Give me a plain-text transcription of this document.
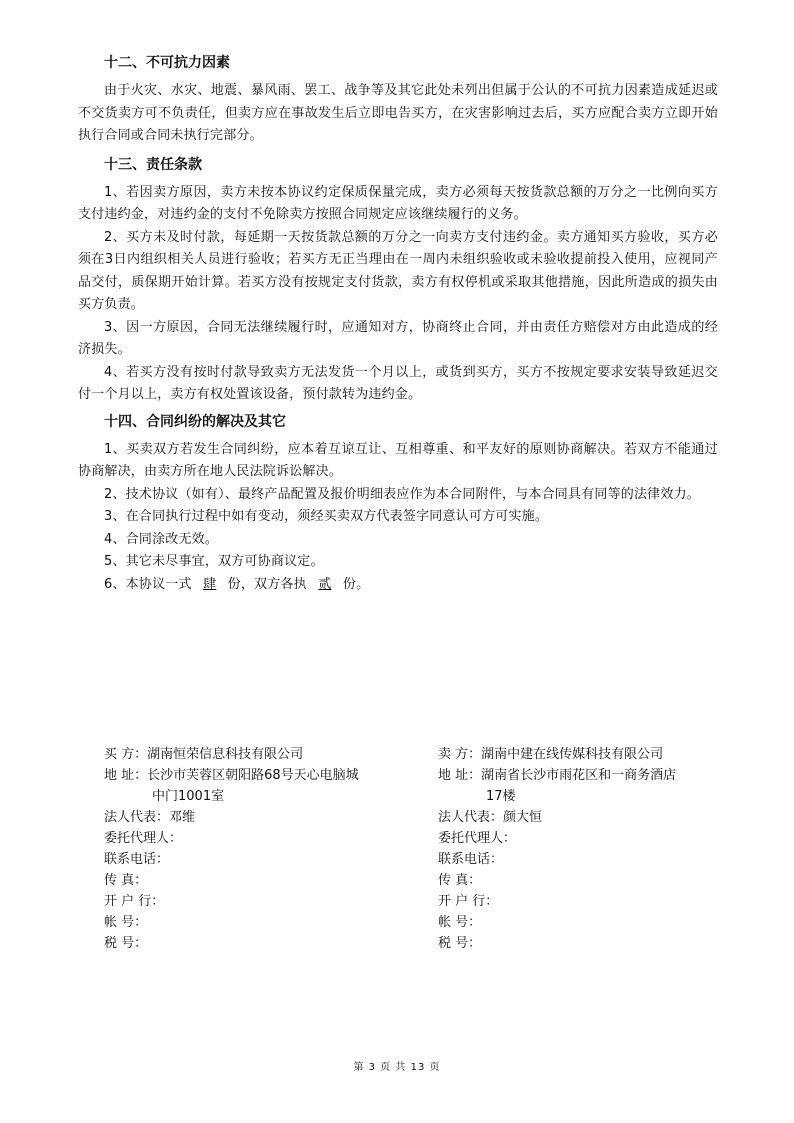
十二、不可抗力因素

由于火灾、水灾、地震、暴风雨、罢工、战争等及其它此处未列出但属于公认的不可抗力因素造成延迟或不交货卖方可不负责任，但卖方应在事故发生后立即电告买方，在灾害影响过去后，买方应配合卖方立即开始执行合同或合同未执行完部分。

十三、责任条款

1、若因卖方原因，卖方未按本协议约定保质保量完成，卖方必须每天按货款总额的万分之一比例向买方支付违约金，对违约金的支付不免除卖方按照合同规定应该继续履行的义务。

2、买方未及时付款，每延期一天按货款总额的万分之一向卖方支付违约金。卖方通知买方验收，买方必须在3日内组织相关人员进行验收；若买方无正当理由在一周内未组织验收或未验收提前投入使用，应视同产品交付，质保期开始计算。若买方没有按规定支付货款，卖方有权停机或采取其他措施，因此所造成的损失由买方负责。

3、因一方原因，合同无法继续履行时，应通知对方，协商终止合同，并由责任方赔偿对方由此造成的经济损失。

4、若买方没有按时付款导致卖方无法发货一个月以上，或货到买方，买方不按规定要求安装导致延迟交付一个月以上，卖方有权处置该设备，预付款转为违约金。

十四、合同纠纷的解决及其它

1、买卖双方若发生合同纠纷，应本着互谅互让、互相尊重、和平友好的原则协商解决。若双方不能通过协商解决，由卖方所在地人民法院诉讼解决。

2、技术协议（如有）、最终产品配置及报价明细表应作为本合同附件，与本合同具有同等的法律效力。

3、在合同执行过程中如有变动，须经买卖双方代表签字同意认可方可实施。

4、合同涂改无效。

5、其它未尽事宜，双方可协商议定。

6、本协议一式 肆 份，双方各执 贰 份。

买 方： 湖南恒荣信息科技有限公司
地 址： 长沙市芙蓉区朝阳路68号天心电脑城
中门1001室
法人代表： 邓维
委托代理人：
联系电话：
传 真：
开 户 行：
帐 号：
税 号：
卖 方： 湖南中建在线传媒科技有限公司
地 址： 湖南省长沙市雨花区和一商务酒店
17楼
法人代表： 颜大恒
委托代理人：
联系电话：
传 真：
开 户 行：
帐 号：
税 号：
第 3 页 共 13 页
